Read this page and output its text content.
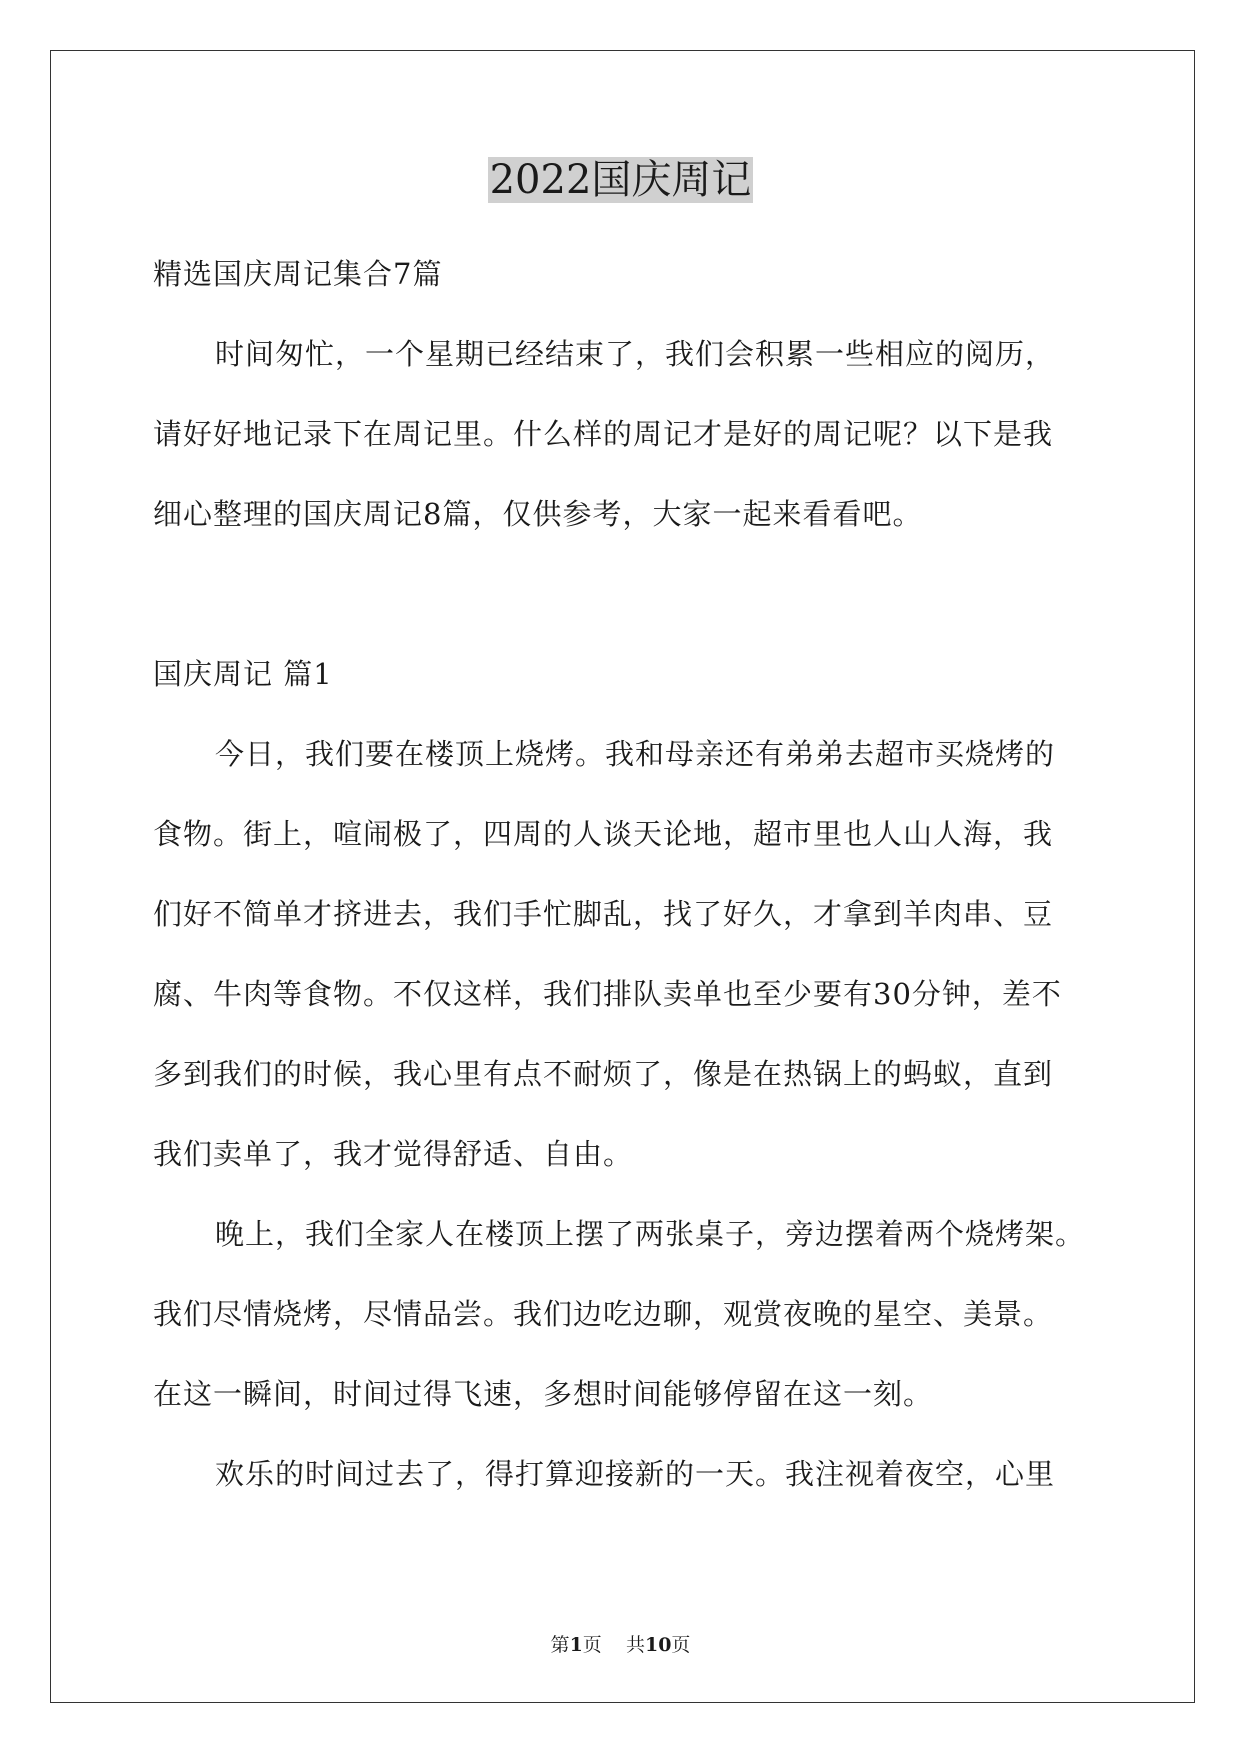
2022国庆周记
精选国庆周记集合7篇
时间匆忙，一个星期已经结束了，我们会积累一些相应的阅历，
请好好地记录下在周记里。什么样的周记才是好的周记呢？以下是我
细心整理的国庆周记8篇，仅供参考，大家一起来看看吧。
国庆周记 篇1
今日，我们要在楼顶上烧烤。我和母亲还有弟弟去超市买烧烤的
食物。街上，喧闹极了，四周的人谈天论地，超市里也人山人海，我
们好不简单才挤进去，我们手忙脚乱，找了好久，才拿到羊肉串、豆
腐、牛肉等食物。不仅这样，我们排队卖单也至少要有30分钟，差不
多到我们的时候，我心里有点不耐烦了，像是在热锅上的蚂蚁，直到
我们卖单了，我才觉得舒适、自由。
晚上，我们全家人在楼顶上摆了两张桌子，旁边摆着两个烧烤架。
我们尽情烧烤，尽情品尝。我们边吃边聊，观赏夜晚的星空、美景。
在这一瞬间，时间过得飞速，多想时间能够停留在这一刻。
欢乐的时间过去了，得打算迎接新的一天。我注视着夜空，心里
第1页    共10页
